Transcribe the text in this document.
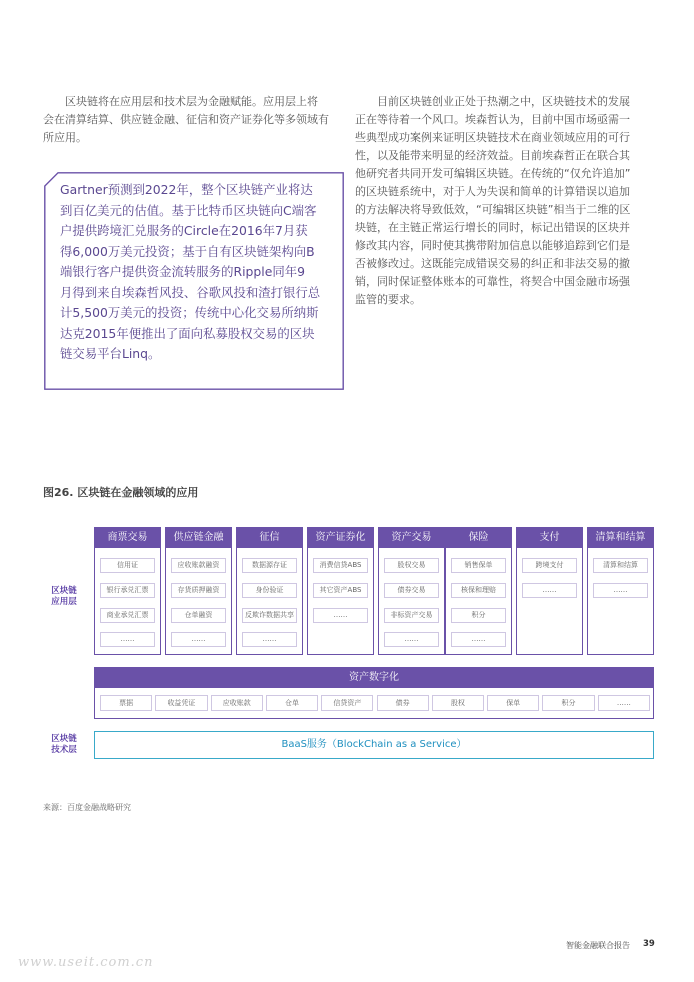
　　区块链将在应用层和技术层为金融赋能。应用层上将
会在清算结算、供应链金融、征信和资产证券化等多领域有
所应用。
Gartner预测到2022年，整个区块链产业将达
到百亿美元的估值。基于比特币区块链向C端客
户提供跨境汇兑服务的Circle在2016年7月获
得6,000万美元投资；基于自有区块链架构向B
端银行客户提供资金流转服务的Ripple同年9
月得到来自埃森哲风投、谷歌风投和渣打银行总
计5,500万美元的投资；传统中心化交易所纳斯
达克2015年便推出了面向私募股权交易的区块
链交易平台Linq。
　　目前区块链创业正处于热潮之中，区块链技术的发展
正在等待着一个风口。埃森哲认为，目前中国市场亟需一
些典型成功案例来证明区块链技术在商业领域应用的可行
性，以及能带来明显的经济效益。目前埃森哲正在联合其
他研究者共同开发可编辑区块链。在传统的“仅允许追加”
的区块链系统中，对于人为失误和简单的计算错误以追加
的方法解决将导致低效，“可编辑区块链”相当于二维的区
块链，在主链正常运行增长的同时，标记出错误的区块并
修改其内容，同时使其携带附加信息以能够追踪到它们是
否被修改过。这既能完成错误交易的纠正和非法交易的撤
销，同时保证整体账本的可靠性，将契合中国金融市场强
监管的要求。
图26. 区块链在金融领域的应用
区块链
应用层
商票交易
信用证
银行承兑汇票
商业承兑汇票
……
供应链金融
应收账款融资
存货质押融资
仓单融资
……
征信
数据源存证
身份验证
反欺诈数据共享
……
资产证券化
消费信贷ABS
其它资产ABS
……
资产交易
股权交易
债券交易
非标资产交易
……
保险
销售保单
核保和理赔
积分
……
支付
跨境支付
……
清算和结算
清算和结算
……
资产数字化
票据	收益凭证	应收账款	仓单	信贷资产	债券	股权	保单	积分	……
区块链
技术层	BaaS服务（BlockChain as a Service）
来源：百度金融战略研究
智能金融联合报告 39
www.useit.com.cn
